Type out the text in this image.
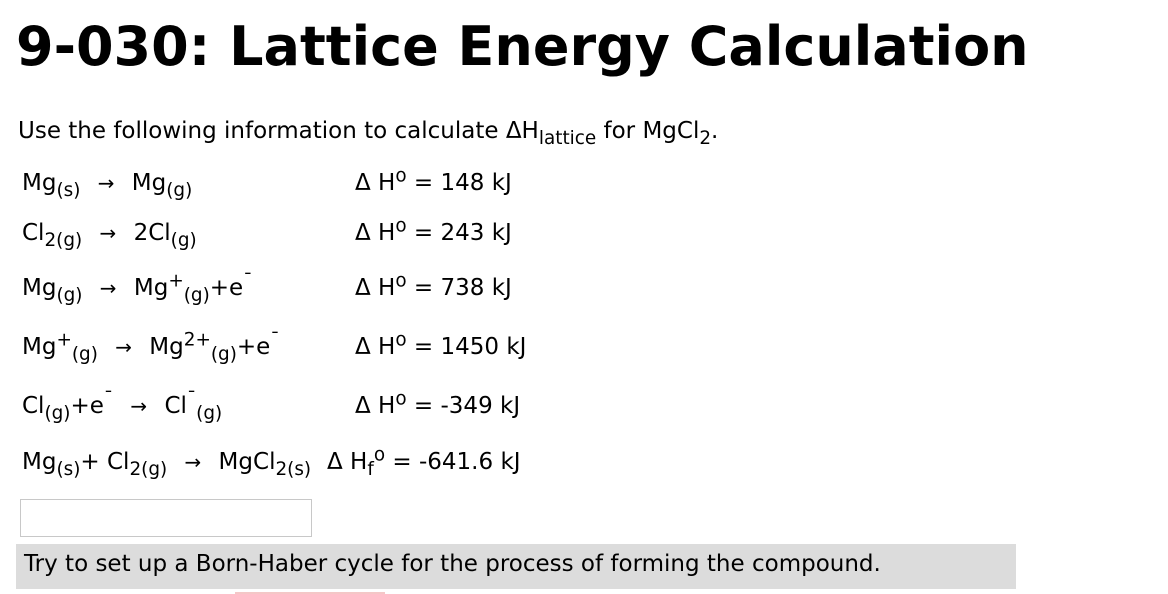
9-030: Lattice Energy Calculation
Use the following information to calculate $\Delta H_{lattice}$ for MgCl$_2$.
$Mg_{(s)} \to Mg_{(g)}$	Δ $H^o = 148$ kJ
$Cl_{2(g)} \to 2Cl_{(g)}$	Δ $H^o = 243$ kJ
$Mg_{(g)} \to Mg^+_{(g)}+e^¯$	Δ $H^o = 738$ kJ
$Mg^+_{(g)} \to Mg^{2+}_{(g)}+e^¯$	Δ $H^o = 1450$ kJ
$Cl_{(g)}+e^¯ \to Cl^¯_{(g)}$	Δ $H^o = -349$ kJ
$Mg_{(s)}+ Cl_{2(g)}$ → MgCl$_{2(s)}$ Δ $H_f^o = -641.6$ kJ
Try to set up a Born-Haber cycle for the process of forming the compound.
